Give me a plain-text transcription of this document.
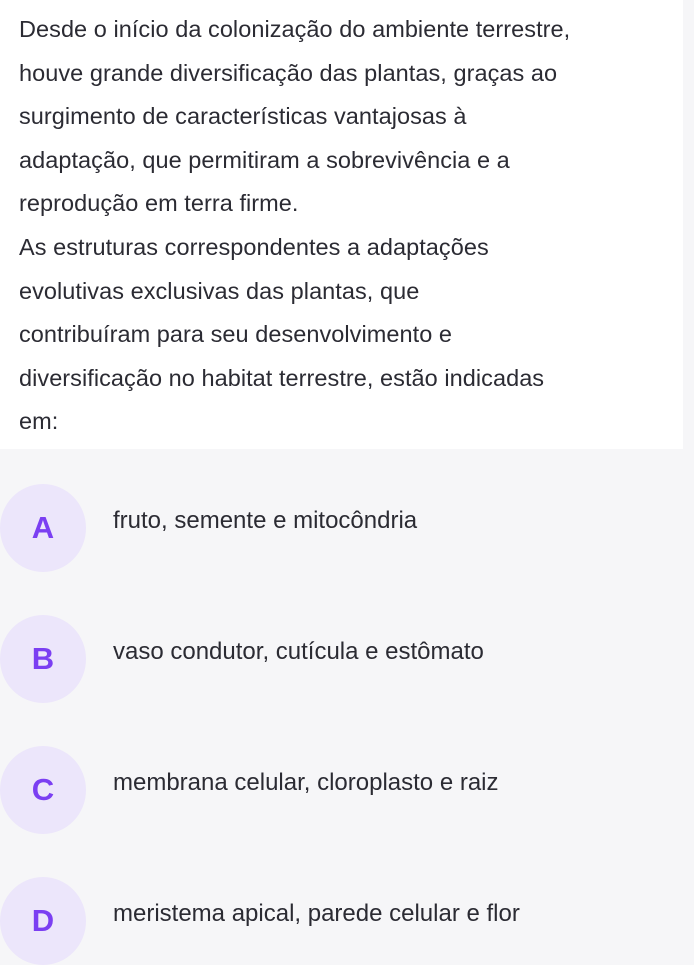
Desde o início da colonização do ambiente terrestre,
houve grande diversificação das plantas, graças ao
surgimento de características vantajosas à
adaptação, que permitiram a sobrevivência e a
reprodução em terra firme.

As estruturas correspondentes a adaptações
evolutivas exclusivas das plantas, que
contribuíram para seu desenvolvimento e
diversificação no habitat terrestre, estão indicadas
em:

A	fruto, semente e mitocôndria
B	vaso condutor, cutícula e estômato
C	membrana celular, cloroplasto e raiz
D	meristema apical, parede celular e flor
